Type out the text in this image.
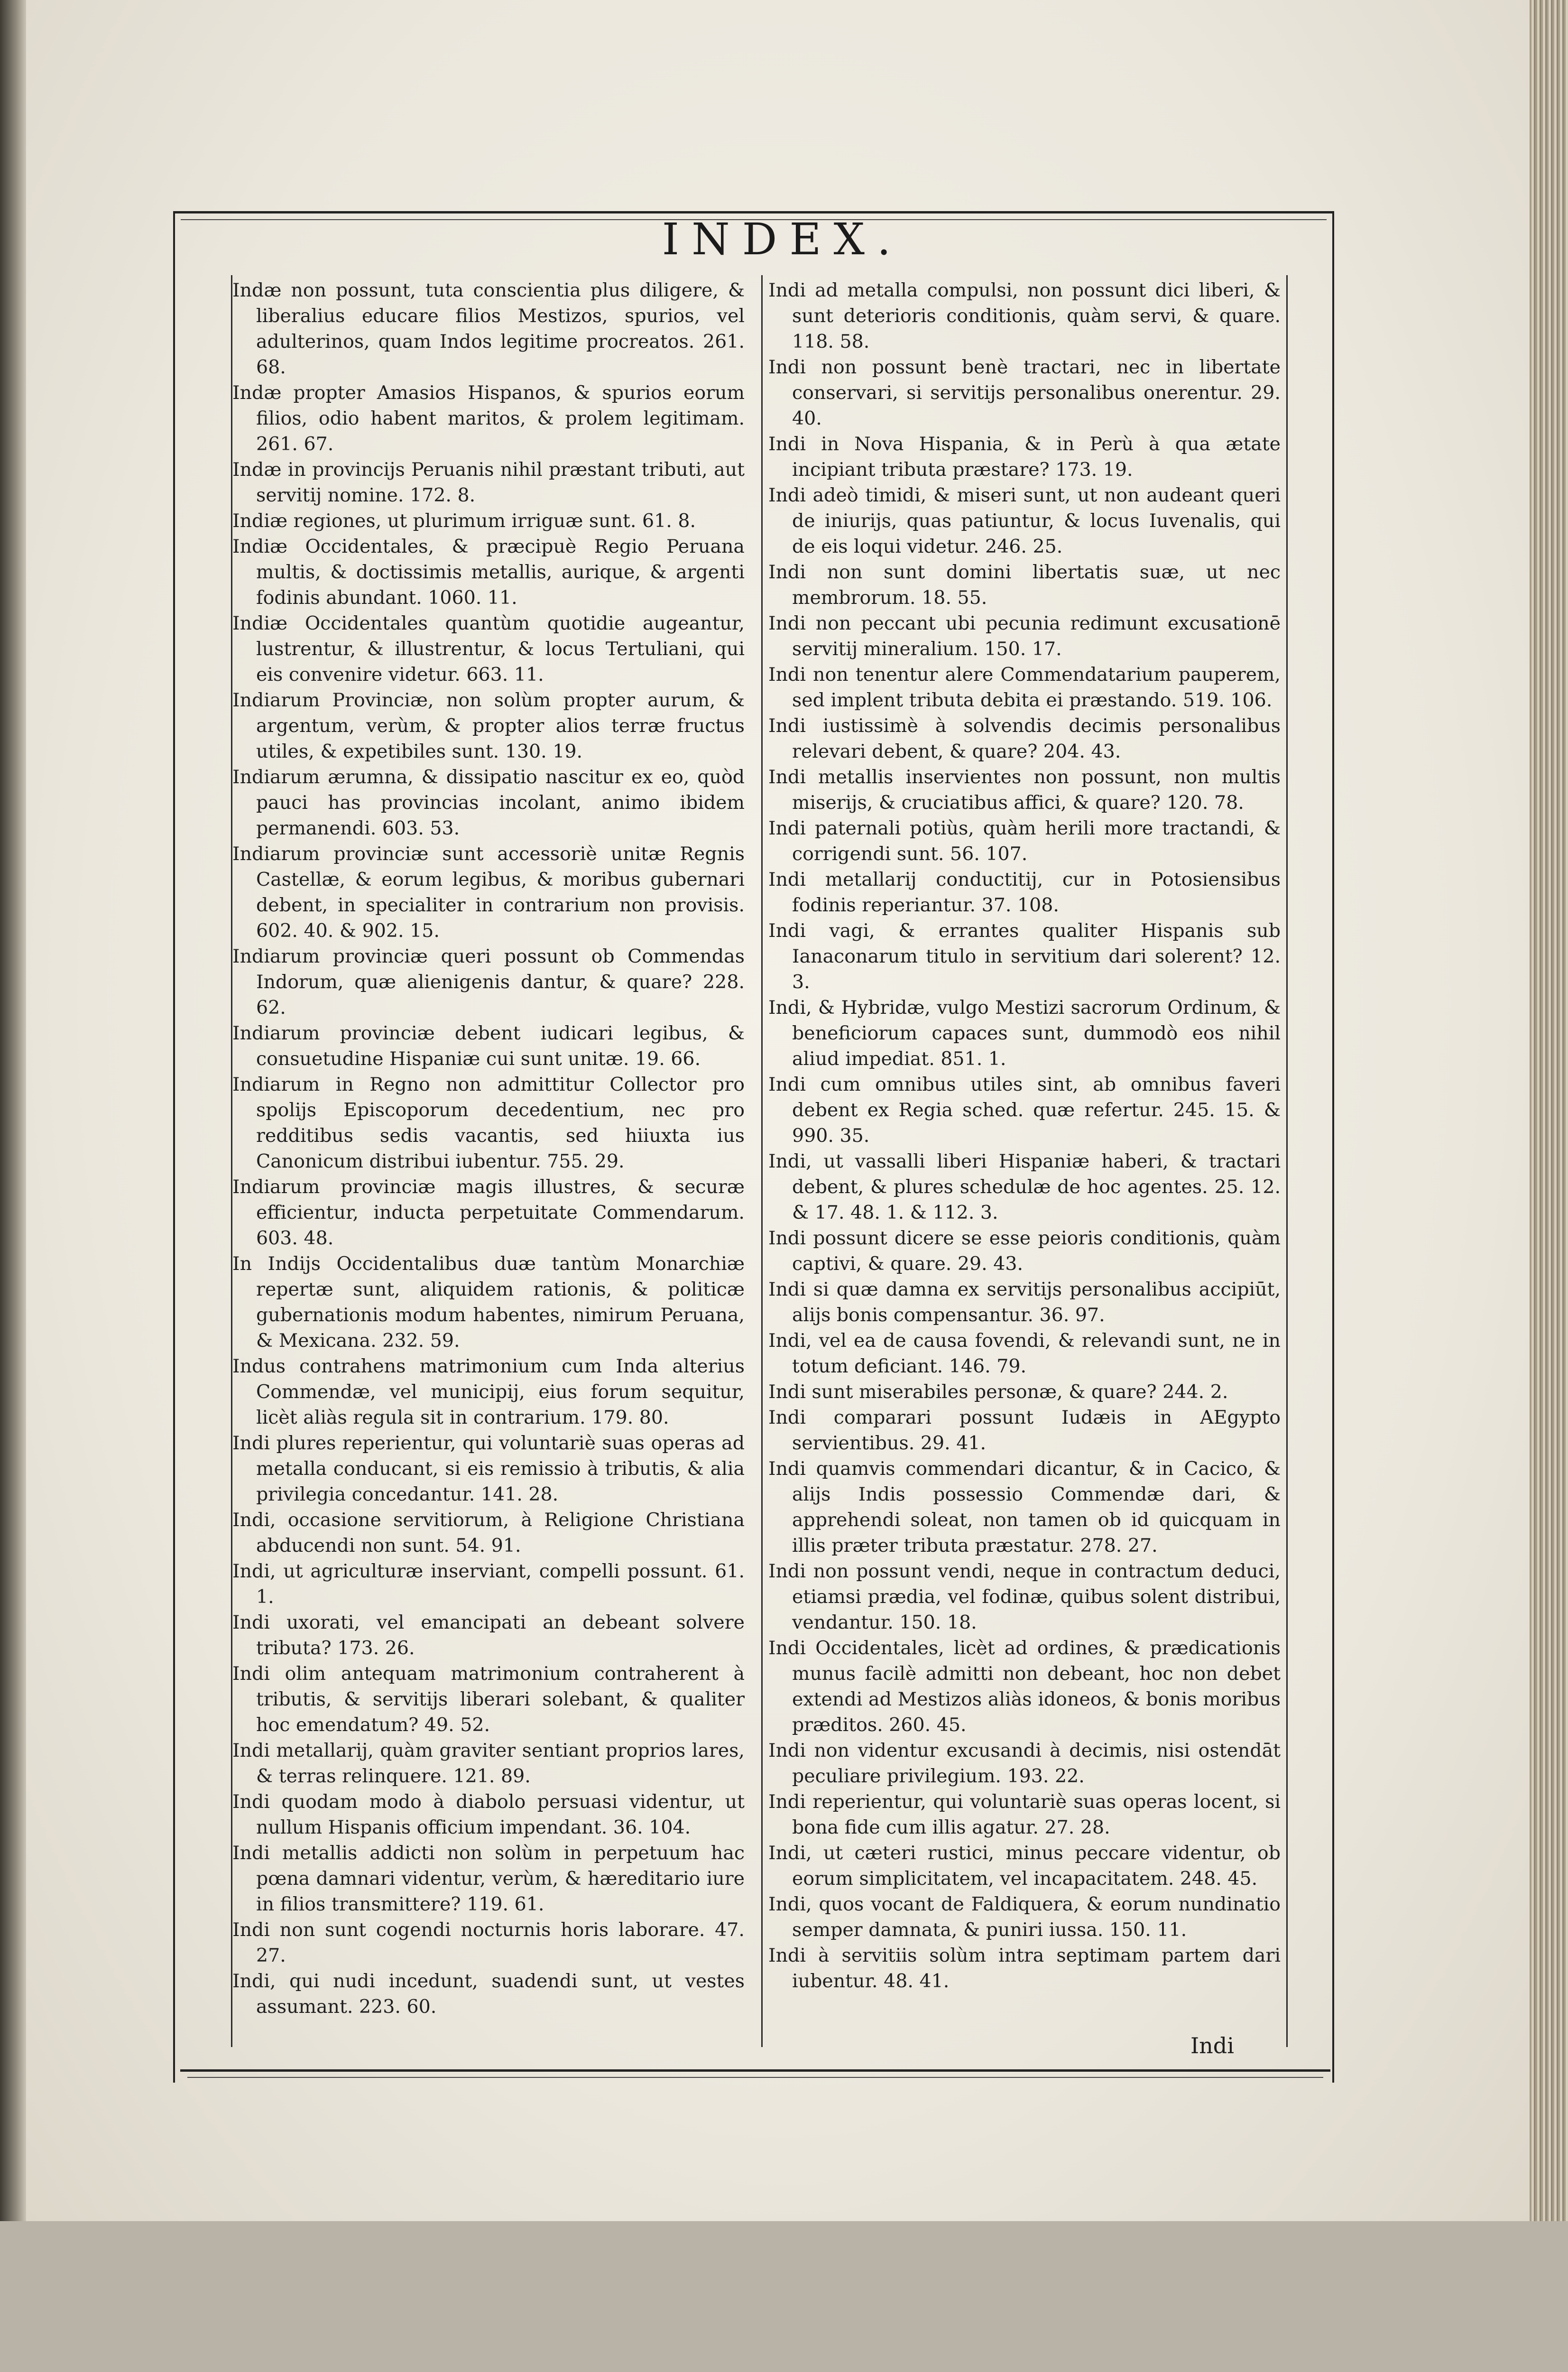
INDEX.

Indæ non possunt, tuta conscientia plus diligere, & liberalius educare filios Mestizos, spurios, vel adulterinos, quam Indos legitime procreatos. 261. 68.

Indæ propter Amasios Hispanos, & spurios eorum filios, odio habent maritos, & prolem legitimam. 261. 67.

Indæ in provincijs Peruanis nihil præstant tributi, aut servitij nomine. 172. 8.

Indiæ regiones, ut plurimum irriguæ sunt. 61. 8.

Indiæ Occidentales, & præcipuè Regio Peruana multis, & doctissimis metallis, aurique, & argenti fodinis abundant. 1060. 11.

Indiæ Occidentales quantùm quotidie augeantur, lustrentur, & illustrentur, & locus Tertuliani, qui eis convenire videtur. 663. 11.

Indiarum Provinciæ, non solùm propter aurum, & argentum, verùm, & propter alios terræ fructus utiles, & expetibiles sunt. 130. 19.

Indiarum ærumna, & dissipatio nascitur ex eo, quòd pauci has provincias incolant, animo ibidem permanendi. 603. 53.

Indiarum provinciæ sunt accessoriè unitæ Regnis Castellæ, & eorum legibus, & moribus gubernari debent, in specialiter in contrarium non provisis. 602. 40. & 902. 15.

Indiarum provinciæ queri possunt ob Commendas Indorum, quæ alienigenis dantur, & quare? 228. 62.

Indiarum provinciæ debent iudicari legibus, & consuetudine Hispaniæ cui sunt unitæ. 19. 66.

Indiarum in Regno non admittitur Collector pro spolijs Episcoporum decedentium, nec pro redditibus sedis vacantis, sed hiiuxta ius Canonicum distribui iubentur. 755. 29.

Indiarum provinciæ magis illustres, & securæ efficientur, inducta perpetuitate Commendarum. 603. 48.

In Indijs Occidentalibus duæ tantùm Monarchiæ repertæ sunt, aliquidem rationis, & politicæ gubernationis modum habentes, nimirum Peruana, & Mexicana. 232. 59.

Indus contrahens matrimonium cum Inda alterius Commendæ, vel municipij, eius forum sequitur, licèt aliàs regula sit in contrarium. 179. 80.

Indi plures reperientur, qui voluntariè suas operas ad metalla conducant, si eis remissio à tributis, & alia privilegia concedantur. 141. 28.

Indi, occasione servitiorum, à Religione Christiana abducendi non sunt. 54. 91.

Indi, ut agriculturæ inserviant, compelli possunt. 61. 1.

Indi uxorati, vel emancipati an debeant solvere tributa? 173. 26.

Indi olim antequam matrimonium contraherent à tributis, & servitijs liberari solebant, & qualiter hoc emendatum? 49. 52.

Indi metallarij, quàm graviter sentiant proprios lares, & terras relinquere. 121. 89.

Indi quodam modo à diabolo persuasi videntur, ut nullum Hispanis officium impendant. 36. 104.

Indi metallis addicti non solùm in perpetuum hac pœna damnari videntur, verùm, & hæreditario iure in filios transmittere? 119. 61.

Indi non sunt cogendi nocturnis horis laborare. 47. 27.

Indi, qui nudi incedunt, suadendi sunt, ut vestes assumant. 223. 60.

Indi ad metalla compulsi, non possunt dici liberi, & sunt deterioris conditionis, quàm servi, & quare. 118. 58.

Indi non possunt benè tractari, nec in libertate conservari, si servitijs personalibus onerentur. 29. 40.

Indi in Nova Hispania, & in Perù à qua ætate incipiant tributa præstare? 173. 19.

Indi adeò timidi, & miseri sunt, ut non audeant queri de iniurijs, quas patiuntur, & locus Iuvenalis, qui de eis loqui videtur. 246. 25.

Indi non sunt domini libertatis suæ, ut nec membrorum. 18. 55.

Indi non peccant ubi pecunia redimunt excusationē servitij mineralium. 150. 17.

Indi non tenentur alere Commendatarium pauperem, sed implent tributa debita ei præstando. 519. 106.

Indi iustissimè à solvendis decimis personalibus relevari debent, & quare? 204. 43.

Indi metallis inservientes non possunt, non multis miserijs, & cruciatibus affici, & quare? 120. 78.

Indi paternali potiùs, quàm herili more tractandi, & corrigendi sunt. 56. 107.

Indi metallarij conductitij, cur in Potosiensibus fodinis reperiantur. 37. 108.

Indi vagi, & errantes qualiter Hispanis sub Ianaconarum titulo in servitium dari solerent? 12. 3.

Indi, & Hybridæ, vulgo Mestizi sacrorum Ordinum, & beneficiorum capaces sunt, dummodò eos nihil aliud impediat. 851. 1.

Indi cum omnibus utiles sint, ab omnibus faveri debent ex Regia sched. quæ refertur. 245. 15. & 990. 35.

Indi, ut vassalli liberi Hispaniæ haberi, & tractari debent, & plures schedulæ de hoc agentes. 25. 12. & 17. 48. 1. & 112. 3.

Indi possunt dicere se esse peioris conditionis, quàm captivi, & quare. 29. 43.

Indi si quæ damna ex servitijs personalibus accipiūt, alijs bonis compensantur. 36. 97.

Indi, vel ea de causa fovendi, & relevandi sunt, ne in totum deficiant. 146. 79.

Indi sunt miserabiles personæ, & quare? 244. 2.

Indi comparari possunt Iudæis in AEgypto servientibus. 29. 41.

Indi quamvis commendari dicantur, & in Cacico, & alijs Indis possessio Commendæ dari, & apprehendi soleat, non tamen ob id quicquam in illis præter tributa præstatur. 278. 27.

Indi non possunt vendi, neque in contractum deduci, etiamsi prædia, vel fodinæ, quibus solent distribui, vendantur. 150. 18.

Indi Occidentales, licèt ad ordines, & prædicationis munus facilè admitti non debeant, hoc non debet extendi ad Mestizos aliàs idoneos, & bonis moribus præditos. 260. 45.

Indi non videntur excusandi à decimis, nisi ostendāt peculiare privilegium. 193. 22.

Indi reperientur, qui voluntariè suas operas locent, si bona fide cum illis agatur. 27. 28.

Indi, ut cæteri rustici, minus peccare videntur, ob eorum simplicitatem, vel incapacitatem. 248. 45.

Indi, quos vocant de Faldiquera, & eorum nundinatio semper damnata, & puniri iussa. 150. 11.

Indi à servitiis solùm intra septimam partem dari iubentur. 48. 41.

Indi
